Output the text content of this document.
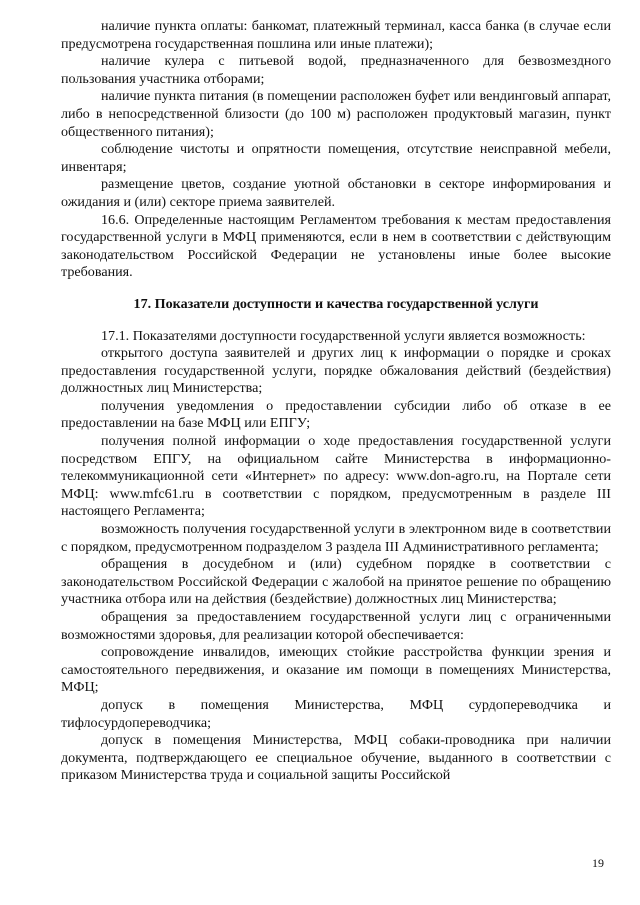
наличие пункта оплаты: банкомат, платежный терминал, касса банка (в случае если предусмотрена государственная пошлина или иные платежи);

наличие кулера с питьевой водой, предназначенного для безвозмездного пользования участника отборами;

наличие пункта питания (в помещении расположен буфет или вендинговый аппарат, либо в непосредственной близости (до 100 м) расположен продуктовый магазин, пункт общественного питания);

соблюдение чистоты и опрятности помещения, отсутствие неисправной мебели, инвентаря;

размещение цветов, создание уютной обстановки в секторе информирования и ожидания и (или) секторе приема заявителей.

16.6. Определенные настоящим Регламентом требования к местам предоставления государственной услуги в МФЦ применяются, если в нем в соответствии с действующим законодательством Российской Федерации не установлены иные более высокие требования.

17. Показатели доступности и качества государственной услуги

17.1. Показателями доступности государственной услуги является возможность:

открытого доступа заявителей и других лиц к информации о порядке и сроках предоставления государственной услуги, порядке обжалования действий (бездействия) должностных лиц Министерства;

получения уведомления о предоставлении субсидии либо об отказе в ее предоставлении на базе МФЦ или ЕПГУ;

получения полной информации о ходе предоставления государственной услуги посредством ЕПГУ, на официальном сайте Министерства в информационно-телекоммуникационной сети «Интернет» по адресу: www.don-agro.ru, на Портале сети МФЦ: www.mfc61.ru в соответствии с порядком, предусмотренным в разделе III настоящего Регламента;

возможность получения государственной услуги в электронном виде в соответствии с порядком, предусмотренном подразделом 3 раздела III Административного регламента;

обращения в досудебном и (или) судебном порядке в соответствии с законодательством Российской Федерации с жалобой на принятое решение по обращению участника отбора или на действия (бездействие) должностных лиц Министерства;

обращения за предоставлением государственной услуги лиц с ограниченными возможностями здоровья, для реализации которой обеспечивается:

сопровождение инвалидов, имеющих стойкие расстройства функции зрения и самостоятельного передвижения, и оказание им помощи в помещениях Министерства, МФЦ;

допуск в помещения Министерства, МФЦ сурдопереводчика и тифлосурдопереводчика;

допуск в помещения Министерства, МФЦ собаки-проводника при наличии документа, подтверждающего ее специальное обучение, выданного в соответствии с приказом Министерства труда и социальной защиты Российской

19
